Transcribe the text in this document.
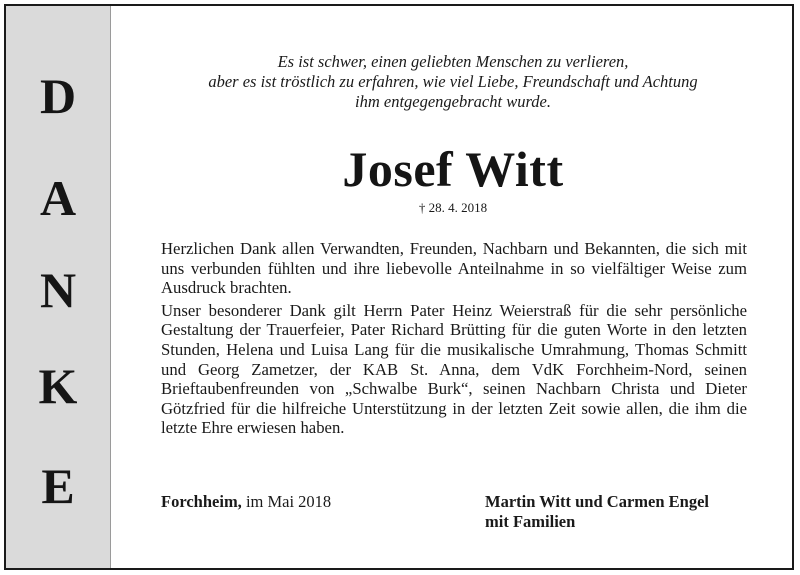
D
A
N
K
E
Es ist schwer, einen geliebten Menschen zu verlieren,
aber es ist tröstlich zu erfahren, wie viel Liebe, Freundschaft und Achtung
ihm entgegengebracht wurde.
Josef Witt
† 28. 4. 2018

Herzlichen Dank allen Verwandten, Freunden, Nachbarn und Bekannten, die sich mit uns verbunden fühlten und ihre liebevolle Anteilnahme in so vielfältiger Weise zum Ausdruck brachten.

Unser besonderer Dank gilt Herrn Pater Heinz Weierstraß für die sehr persönliche Gestaltung der Trauerfeier, Pater Richard Brütting für die guten Worte in den letzten Stunden, Helena und Luisa Lang für die musikalische Umrahmung, Thomas Schmitt und Georg Zametzer, der KAB St. Anna, dem VdK Forchheim-Nord, seinen Brieftaubenfreunden von „Schwalbe Burk“, seinen Nachbarn Christa und Dieter Götzfried für die hilfreiche Unterstützung in der letzten Zeit sowie allen, die ihm die letzte Ehre erwiesen haben.

Forchheim, im Mai 2018	Martin Witt und Carmen Engel
mit Familien
